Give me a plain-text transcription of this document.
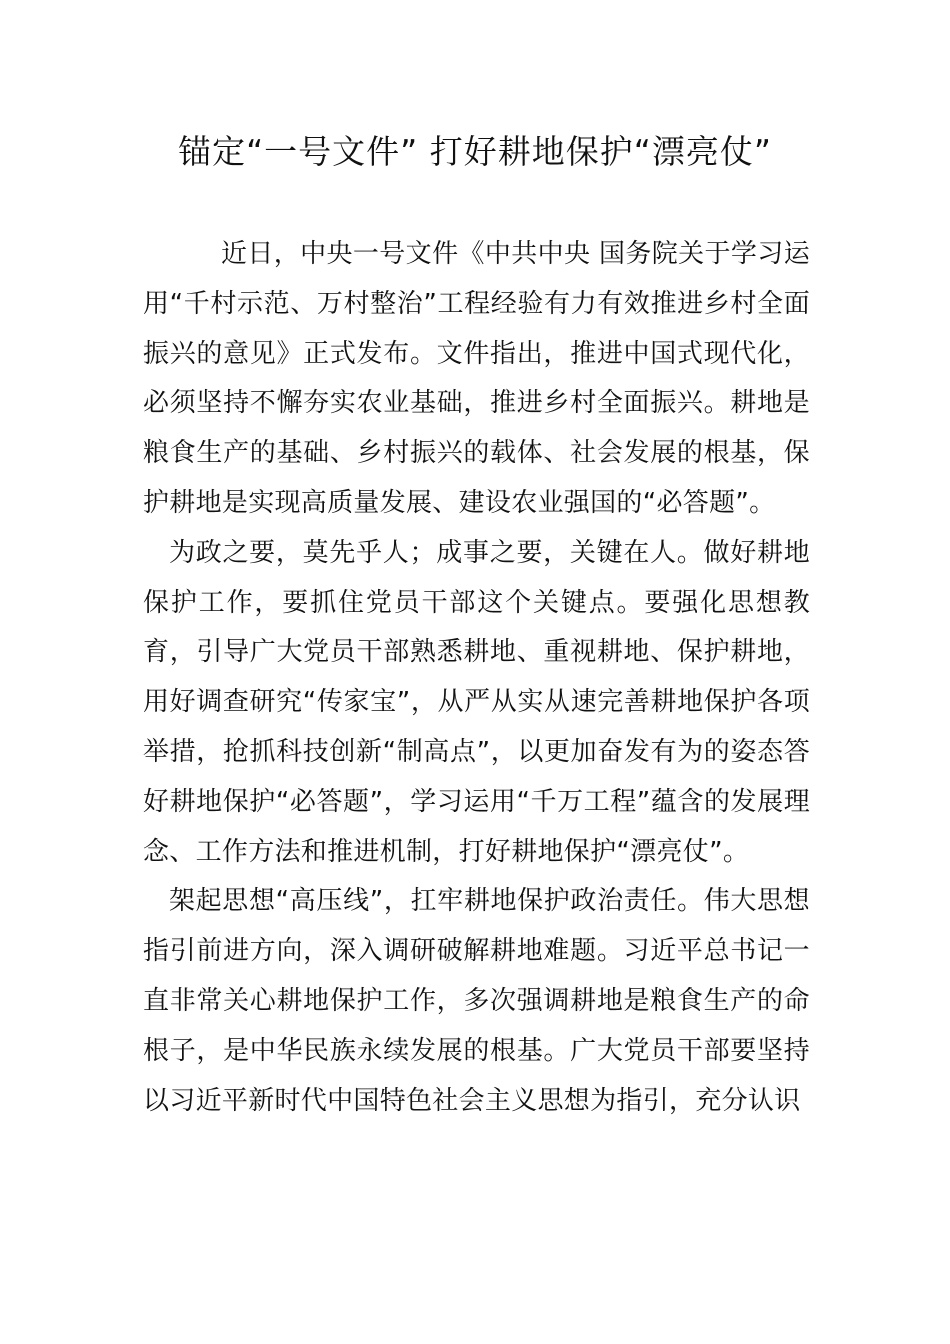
锚定“一号文件” 打好耕地保护“漂亮仗”

近日，中央一号文件《中共中央 国务院关于学习运用“千村示范、万村整治”工程经验有力有效推进乡村全面振兴的意见》正式发布。文件指出，推进中国式现代化，必须坚持不懈夯实农业基础，推进乡村全面振兴。耕地是粮食生产的基础、乡村振兴的载体、社会发展的根基，保护耕地是实现高质量发展、建设农业强国的“必答题”。

为政之要，莫先乎人；成事之要，关键在人。做好耕地保护工作，要抓住党员干部这个关键点。要强化思想教育，引导广大党员干部熟悉耕地、重视耕地、保护耕地，用好调查研究“传家宝”，从严从实从速完善耕地保护各项举措，抢抓科技创新“制高点”，以更加奋发有为的姿态答好耕地保护“必答题”，学习运用“千万工程”蕴含的发展理念、工作方法和推进机制，打好耕地保护“漂亮仗”。

架起思想“高压线”，扛牢耕地保护政治责任。伟大思想指引前进方向，深入调研破解耕地难题。习近平总书记一直非常关心耕地保护工作，多次强调耕地是粮食生产的命根子，是中华民族永续发展的根基。广大党员干部要坚持以习近平新时代中国特色社会主义思想为指引，充分认识
